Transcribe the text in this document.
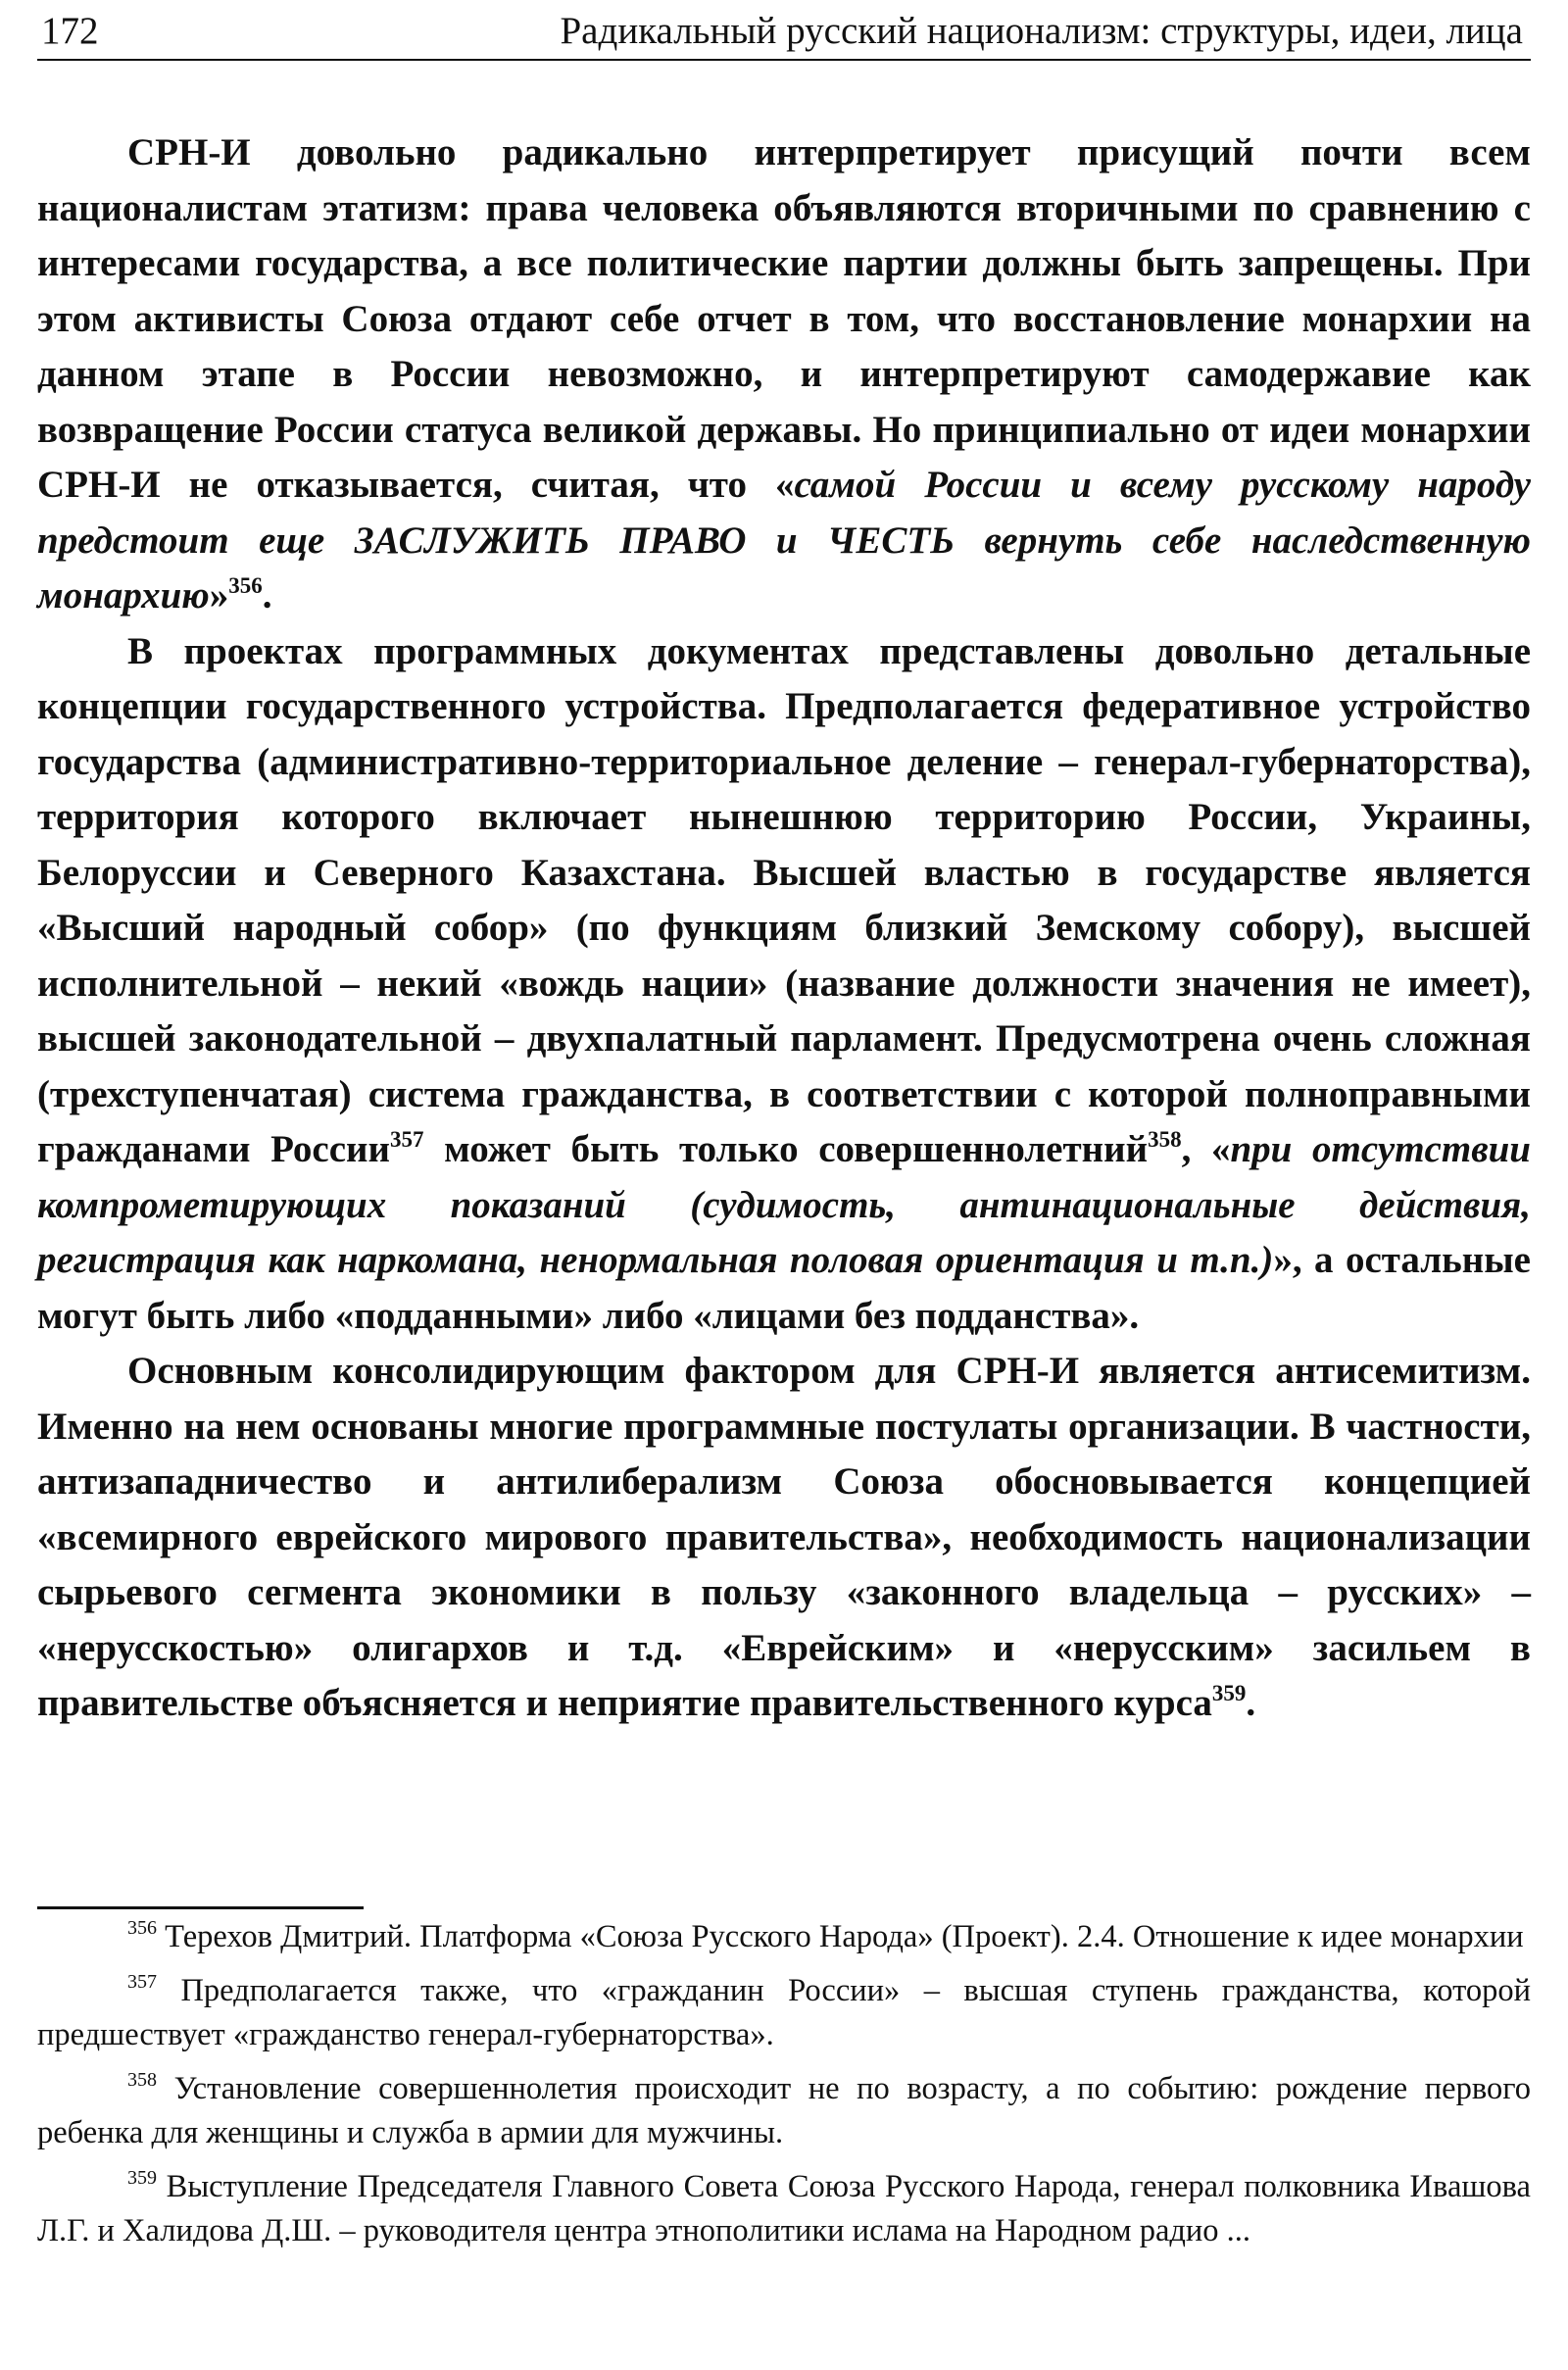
172	Радикальный русский национализм: структуры, идеи, лица

СРН-И довольно радикально интерпретирует присущий почти всем националистам этатизм: права человека объявляются вторичными по сравнению с интересами государства, а все политические партии должны быть запрещены. При этом активисты Союза отдают себе отчет в том, что восстановление монархии на данном этапе в России невозможно, и интерпретируют самодержавие как возвращение России статуса великой державы. Но принципиально от идеи монархии СРН-И не отказывается, считая, что «самой России и всему русскому народу предстоит еще ЗАСЛУЖИТЬ ПРАВО и ЧЕСТЬ вернуть себе наследственную монархию»$^{356}$.

В проектах программных документах представлены довольно детальные концепции государственного устройства. Предполагается федеративное устройство государства (административно-территориальное деление – генерал-губернаторства), территория которого включает нынешнюю территорию России, Украины, Белоруссии и Северного Казахстана. Высшей властью в государстве является «Высший народный собор» (по функциям близкий Земскому собору), высшей исполнительной – некий «вождь нации» (название должности значения не имеет), высшей законодательной – двухпалатный парламент. Предусмотрена очень сложная (трехступенчатая) система гражданства, в соответствии с которой полноправными гражданами России$^{357}$ может быть только совершеннолетний$^{358}$, «при отсутствии компрометирующих показаний (судимость, антинациональные действия, регистрация как наркомана, ненормальная половая ориентация и т.п.)», а остальные могут быть либо «подданными» либо «лицами без подданства».

Основным консолидирующим фактором для СРН-И является антисемитизм. Именно на нем основаны многие программные постулаты организации. В частности, антизападничество и антилиберализм Союза обосновывается концепцией «всемирного еврейского мирового правительства», необходимость национализации сырьевого сегмента экономики в пользу «законного владельца – русских» – «нерусскостью» олигархов и т.д. «Еврейским» и «нерусским» засильем в правительстве объясняется и неприятие правительственного курса$^{359}$.

$^{356}$ Терехов Дмитрий. Платформа «Союза Русского Народа» (Проект). 2.4. Отношение к идее монархии

$^{357}$ Предполагается также, что «гражданин России» – высшая ступень гражданства, которой предшествует «гражданство генерал-губернаторства».

$^{358}$ Установление совершеннолетия происходит не по возрасту, а по событию: рождение первого ребенка для женщины и служба в армии для мужчины.

$^{359}$ Выступление Председателя Главного Совета Союза Русского Народа, генерал полковника Ивашова Л.Г. и Халидова Д.Ш. – руководителя центра этнополитики ислама на Народном радио ...
